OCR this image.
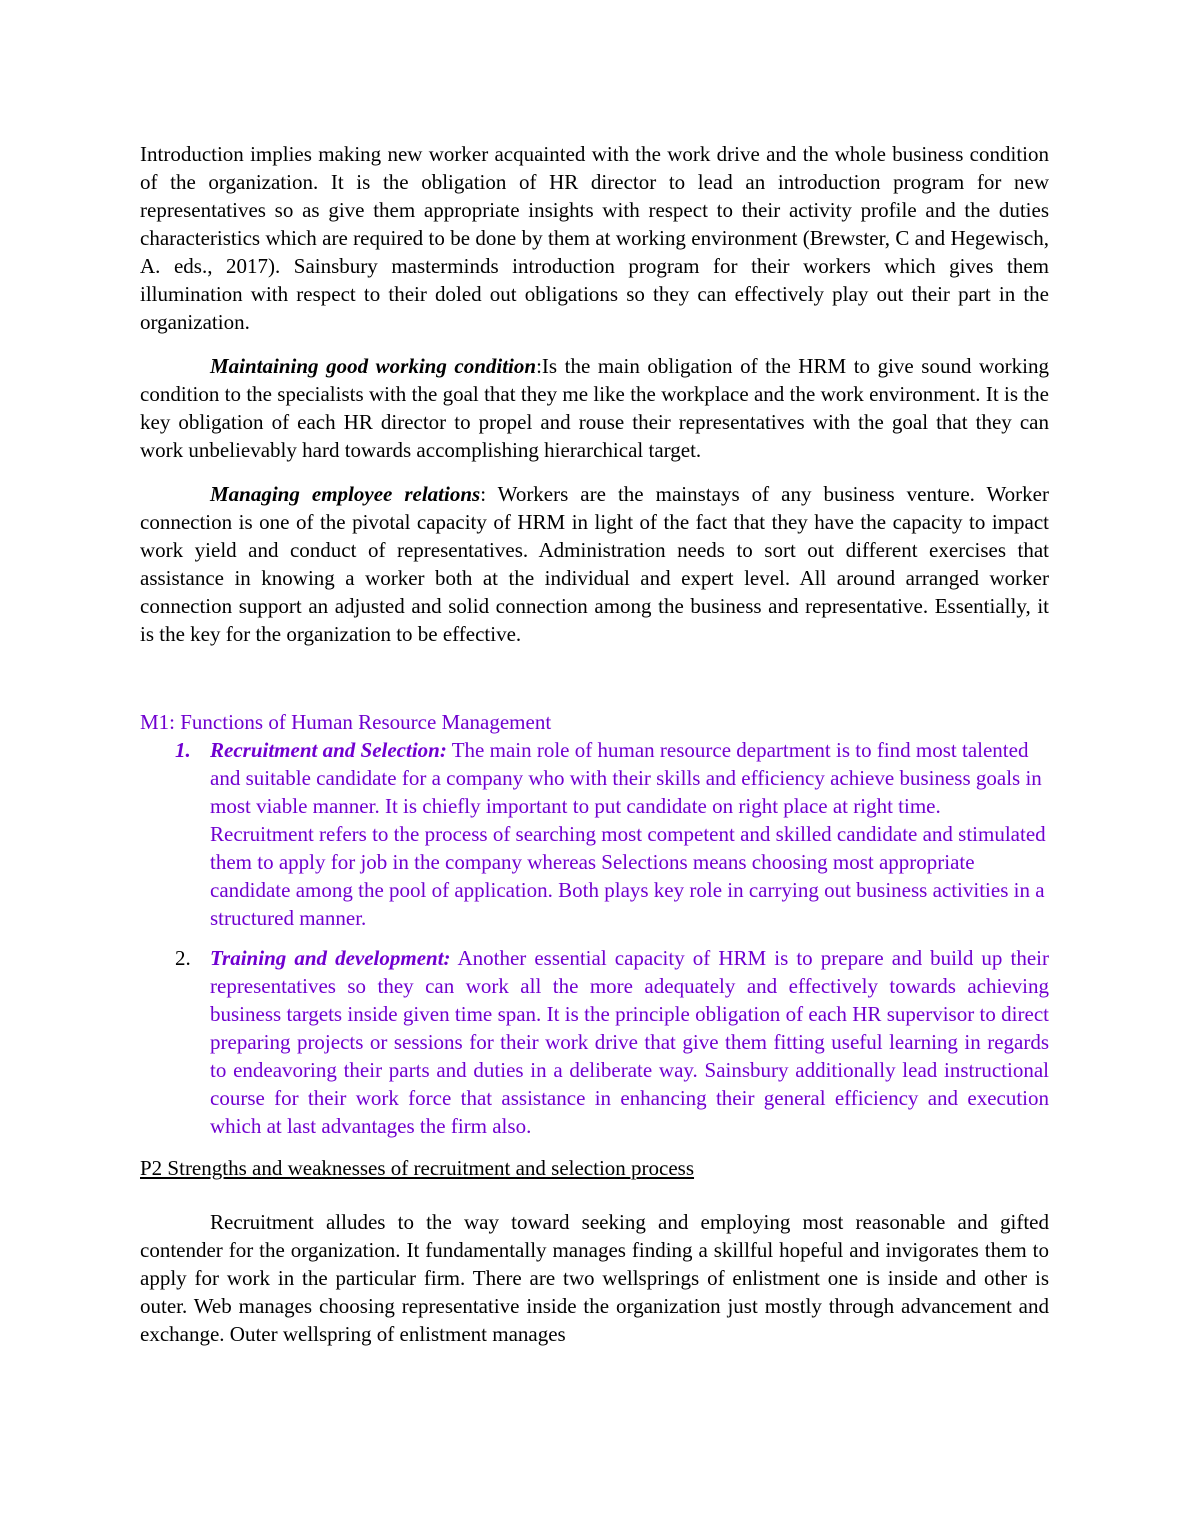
Introduction implies making new worker acquainted with the work drive and the whole business condition of the organization. It is the obligation of HR director to lead an introduction program for new representatives so as give them appropriate insights with respect to their activity profile and the duties characteristics which are required to be done by them at working environment (Brewster, C and Hegewisch, A. eds., 2017). Sainsbury masterminds introduction program for their workers which gives them illumination with respect to their doled out obligations so they can effectively play out their part in the organization.

Maintaining good working condition:Is the main obligation of the HRM to give sound working condition to the specialists with the goal that they me like the workplace and the work environment. It is the key obligation of each HR director to propel and rouse their representatives with the goal that they can work unbelievably hard towards accomplishing hierarchical target.

Managing employee relations: Workers are the mainstays of any business venture. Worker connection is one of the pivotal capacity of HRM in light of the fact that they have the capacity to impact work yield and conduct of representatives. Administration needs to sort out different exercises that assistance in knowing a worker both at the individual and expert level. All around arranged worker connection support an adjusted and solid connection among the business and representative. Essentially, it is the key for the organization to be effective.

M1: Functions of Human Resource Management

1. Recruitment and Selection: The main role of human resource department is to find most talented and suitable candidate for a company who with their skills and efficiency achieve business goals in most viable manner. It is chiefly important to put candidate on right place at right time. Recruitment refers to the process of searching most competent and skilled candidate and stimulated them to apply for job in the company whereas Selections means choosing most appropriate candidate among the pool of application. Both plays key role in carrying out business activities in a structured manner.
2. Training and development: Another essential capacity of HRM is to prepare and build up their representatives so they can work all the more adequately and effectively towards achieving business targets inside given time span. It is the principle obligation of each HR supervisor to direct preparing projects or sessions for their work drive that give them fitting useful learning in regards to endeavoring their parts and duties in a deliberate way. Sainsbury additionally lead instructional course for their work force that assistance in enhancing their general efficiency and execution which at last advantages the firm also.

P2 Strengths and weaknesses of recruitment and selection process

Recruitment alludes to the way toward seeking and employing most reasonable and gifted contender for the organization. It fundamentally manages finding a skillful hopeful and invigorates them to apply for work in the particular firm. There are two wellsprings of enlistment one is inside and other is outer. Web manages choosing representative inside the organization just mostly through advancement and exchange. Outer wellspring of enlistment manages
